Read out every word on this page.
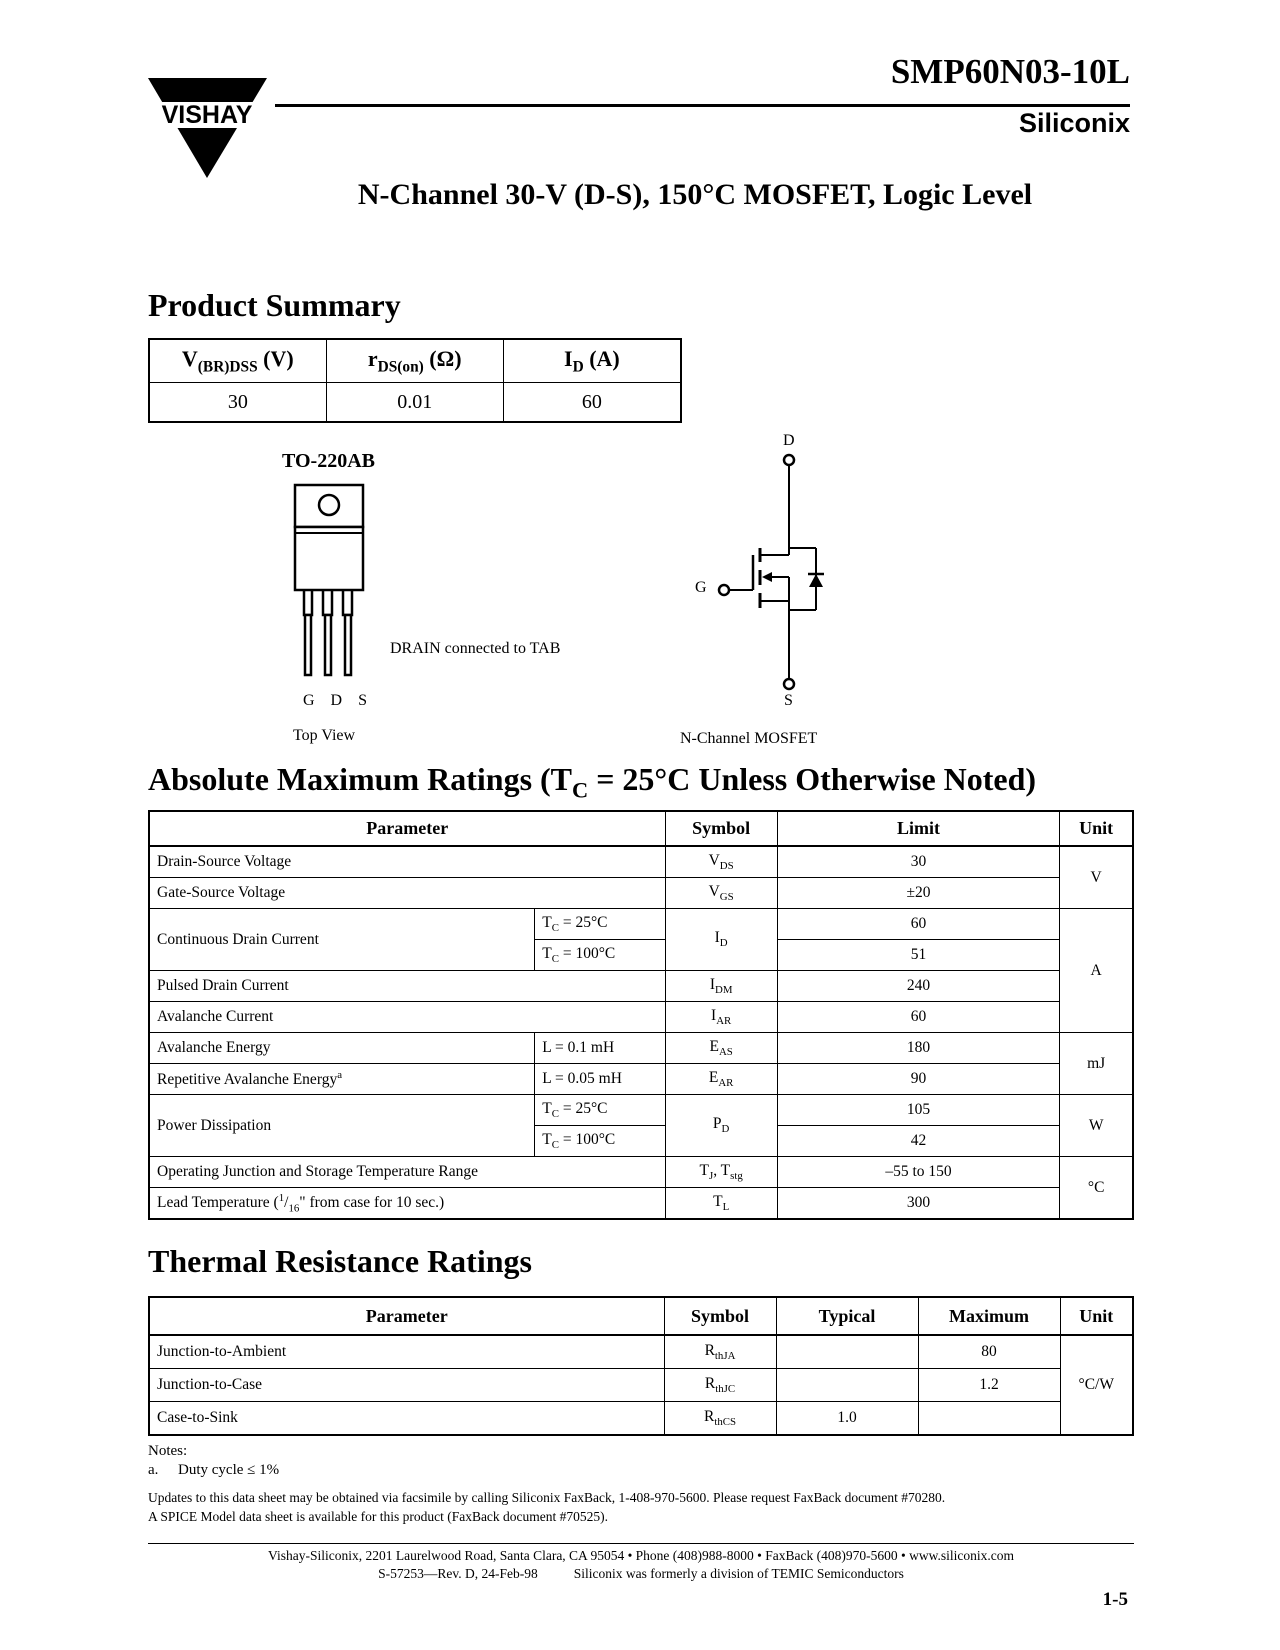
VISHAY
SMP60N03-10L
Siliconix
N-Channel 30-V (D-S), 150°C MOSFET, Logic Level
Product Summary
$V_{(BR)DSS}$ (V)	$r_{DS(on)}$ (Ω)	$I_D$ (A)
30	0.01	60
TO-220AB
DRAIN connected to TAB
G D S
Top View
D
G
S
N-Channel MOSFET
Absolute Maximum Ratings ($T_C = 25^\circ C$ Unless Otherwise Noted)
Parameter		Symbol	Limit	Unit
Drain-Source Voltage		$V_{DS}$	30	V
Gate-Source Voltage		$V_{GS}$	±20	
Continuous Drain Current	$T_C = 25^\circ C$	$I_D$	60	A
	$T_C = 100^\circ C$		51	
Pulsed Drain Current		$I_{DM}$	240	
Avalanche Current		$I_{AR}$	60	
Avalanche Energy	L = 0.1 mH	$E_{AS}$	180	mJ
Repetitive Avalanche Energy$^a$	L = 0.05 mH	$E_{AR}$	90	
Power Dissipation	$T_C = 25^\circ C$	$P_D$	105	W
	$T_C = 100^\circ C$		42	
Operating Junction and Storage Temperature Range		$T_J$, $T_{stg}$	–55 to 150	°C
Lead Temperature ($^1/_{16}$" from case for 10 sec.)		$T_L$	300	
Thermal Resistance Ratings
Parameter	Symbol	Typical	Maximum	Unit
Junction-to-Ambient	$R_{thJA}$		80	°C/W
Junction-to-Case	$R_{thJC}$		1.2	
Case-to-Sink	$R_{thCS}$	1.0		
Notes:
a. Duty cycle ≤ 1%
Updates to this data sheet may be obtained via facsimile by calling Siliconix FaxBack, 1-408-970-5600. Please request FaxBack document #70280.
A SPICE Model data sheet is available for this product (FaxBack document #70525).
Vishay-Siliconix, 2201 Laurelwood Road, Santa Clara, CA 95054 • Phone (408)988-8000 • FaxBack (408)970-5600 • www.siliconix.com
S-57253—Rev. D, 24-Feb-98	Siliconix was formerly a division of TEMIC Semiconductors
1-5
